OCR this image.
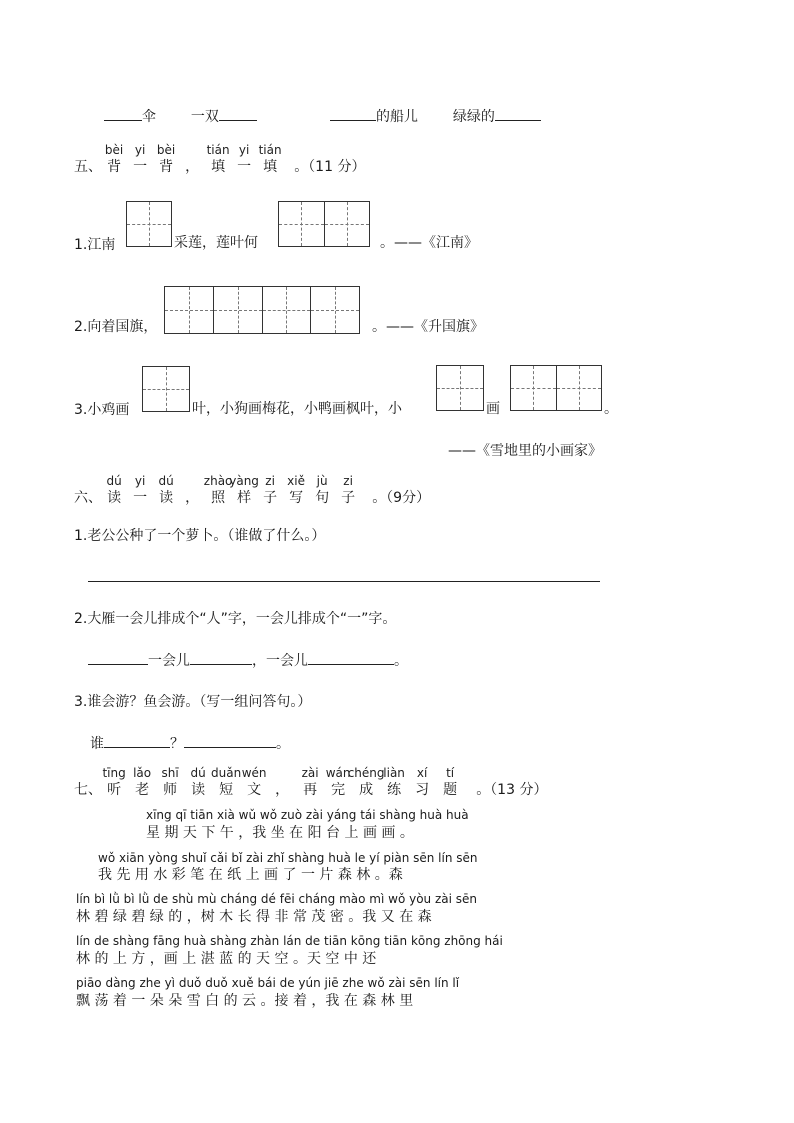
伞 一双	的船儿 绿绿的
五、
bèi
背
yi
一
bèi
背 ，
tián
填
yi
一
tián
填 。（11 分）
1.江南	采莲，莲叶何	。——《江南》
2.向着国旗，	。——《升国旗》
3.小鸡画	叶，小狗画梅花，小鸭画枫叶，小	画	。
——《雪地里的小画家》
六、
dú
读
yi
一
dú
读 ，
zhào
照
yàng
样
zi
子
xiě
写
jù
句
zi
子 。（9分）
1.老公公种了一个萝卜。（谁做了什么。）
2.大雁一会儿排成个“人”字，一会儿排成个“一”字。
一会儿	，一会儿	。
3.谁会游？鱼会游。（写一组问答句。）
谁	？	。
七、
tīng
听
lǎo
老
shī
师
dú
读
duǎn
短
wén
文 ，
zài
再
wán
完
chéng
成
liàn
练
xí
习
tí
题 。（13 分）
xīng qī tiān xià wǔ wǒ zuò zài yáng tái shàng huà huà
星 期 天 下 午 ，我 坐 在 阳 台 上 画 画 。
wǒ xiān yòng shuǐ cǎi bǐ zài zhǐ shàng huà le yí piàn sēn lín sēn
我 先 用 水 彩 笔 在 纸 上 画 了 一 片 森 林 。森
lín bì lǜ bì lǜ de shù mù cháng dé fēi cháng mào mì wǒ yòu zài sēn
林 碧 绿 碧 绿 的 ，树 木 长 得 非 常 茂 密 。我 又 在 森
lín de shàng fāng huà shàng zhàn lán de tiān kōng tiān kōng zhōng hái
林 的 上 方 ，画 上 湛 蓝 的 天 空 。天 空 中 还
piāo dàng zhe yì duǒ duǒ xuě bái de yún jiē zhe wǒ zài sēn lín lǐ
飘 荡 着 一 朵 朵 雪 白 的 云 。接 着 ，我 在 森 林 里
